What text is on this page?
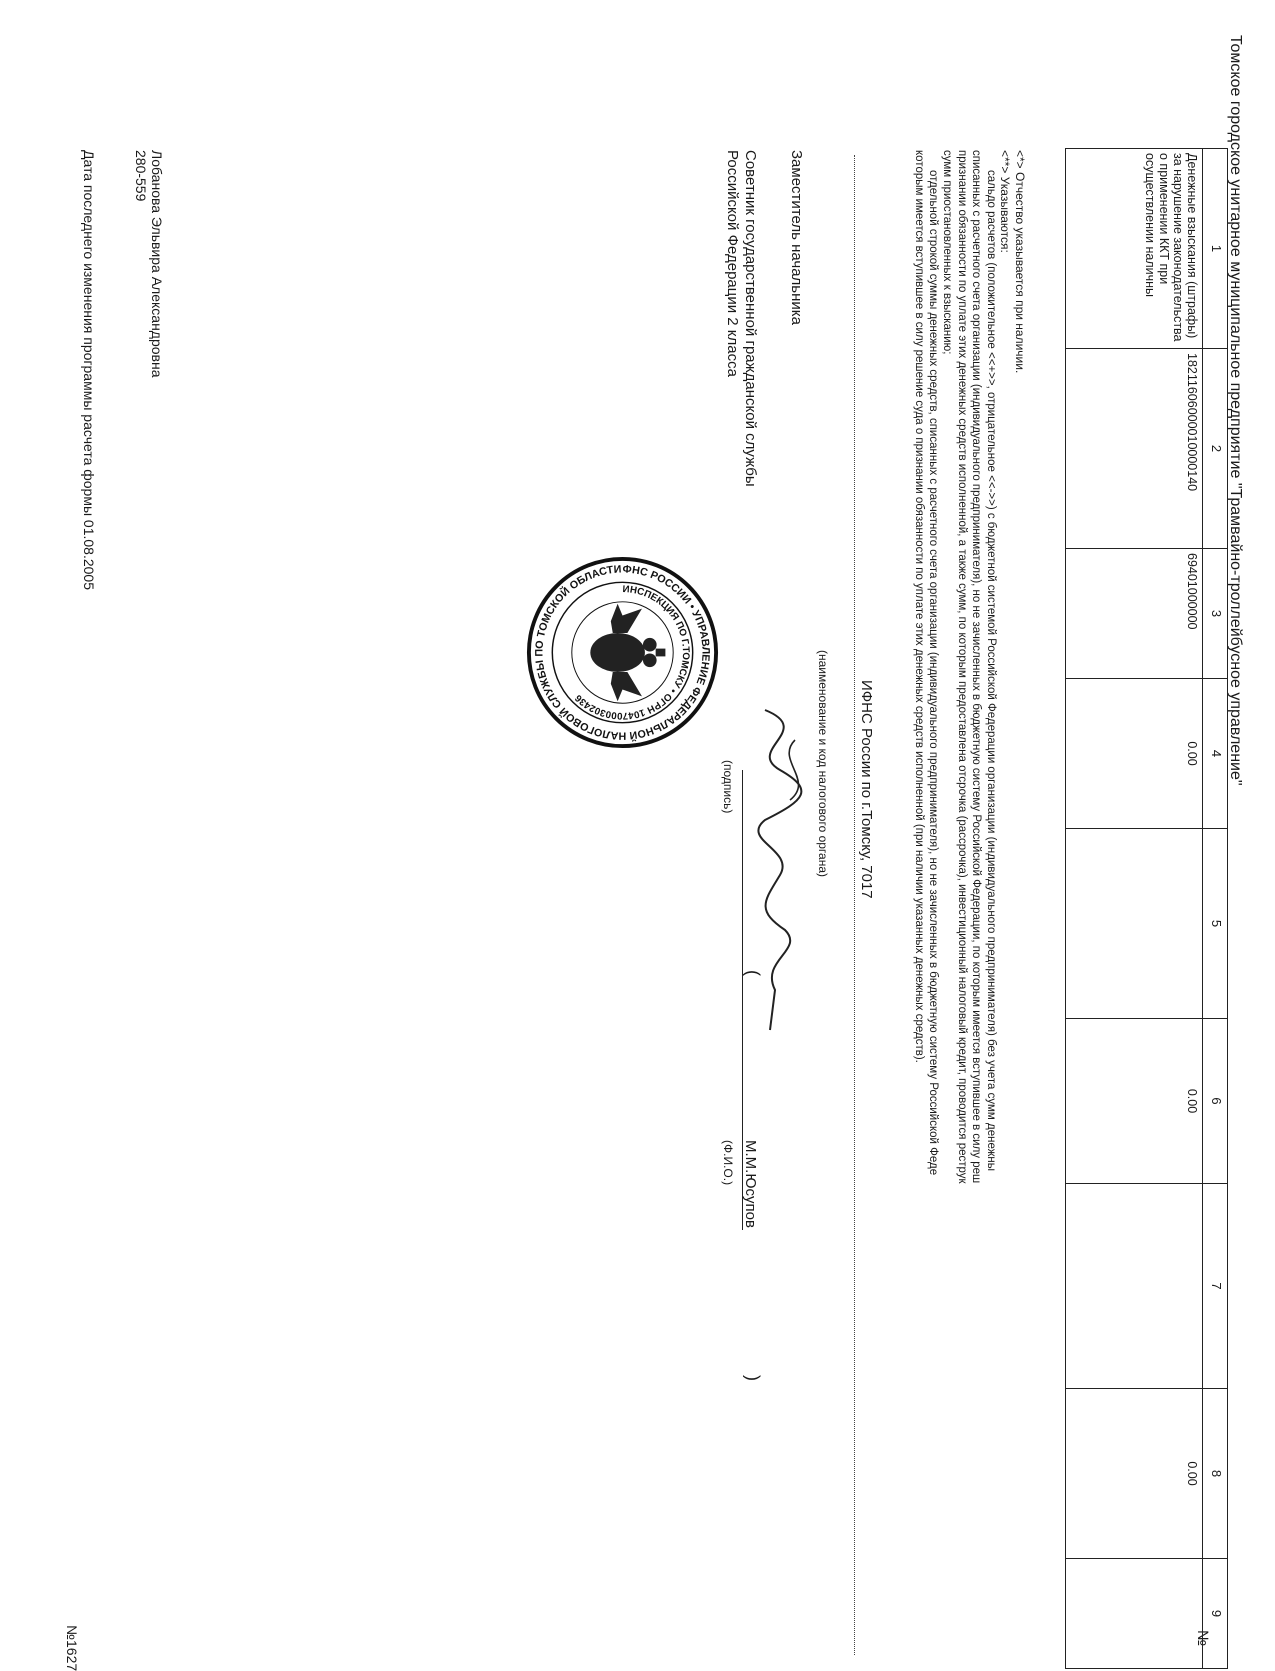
Томское городское унитарное муниципальное предприятие "Трамвайно-троллейбусное управление"
№
1	2	3	4	5	6	7	8	9
Денежные взыскания (штрафы) за нарушение законодательства о применении ККТ при осуществлении наличны	18211606000010000140	69401000000	0.00		0.00		0.00	
<*> Отчество указывается при наличии.
<**> Указываются:
сальдо расчетов (положительное <<+>>, отрицательное <<->>) с бюджетной системой Российской Федерации организации (индивидуального предпринимателя) без учета сумм денежны
списанных с расчетного счета организации (индивидуального предпринимателя), но не зачисленных в бюджетную систему Российской Федерации, по которым имеется вступившее в силу реш
признании обязанности по уплате этих денежных средств исполненной, а также сумм, по которым предоставлена отсрочка (рассрочка), инвестиционный налоговый кредит, проводится реструк
сумм приостановленных к взысканию;
отдельной строкой суммы денежных средств, списанных с расчетного счета организации (индивидуального предпринимателя), но не зачисленных в бюджетную систему Российской Феде
которым имеется вступившее в силу решение суда о признании обязанности по уплате этих денежных средств исполненной (при наличии указанных денежных средств).
ИФНС России по г.Томску, 7017
(наименование и код налогового органа)
Заместитель начальника
Советник государственной гражданской службы
Российской Федерации 2 класса
(
)
М.М.Юсупов
(подпись)
(Ф.И.О.)
ФНС РОССИИ • УПРАВЛЕНИЕ ФЕДЕРАЛЬНОЙ НАЛОГОВОЙ СЛУЖБЫ ПО ТОМСКОЙ ОБЛАСТИ
ИНСПЕКЦИЯ ПО Г.ТОМСКУ • ОГРН 1047000302436
Лобанова Эльвира Александровна
280-559
Дата последнего изменения программы расчета формы 01.08.2005
№1627
